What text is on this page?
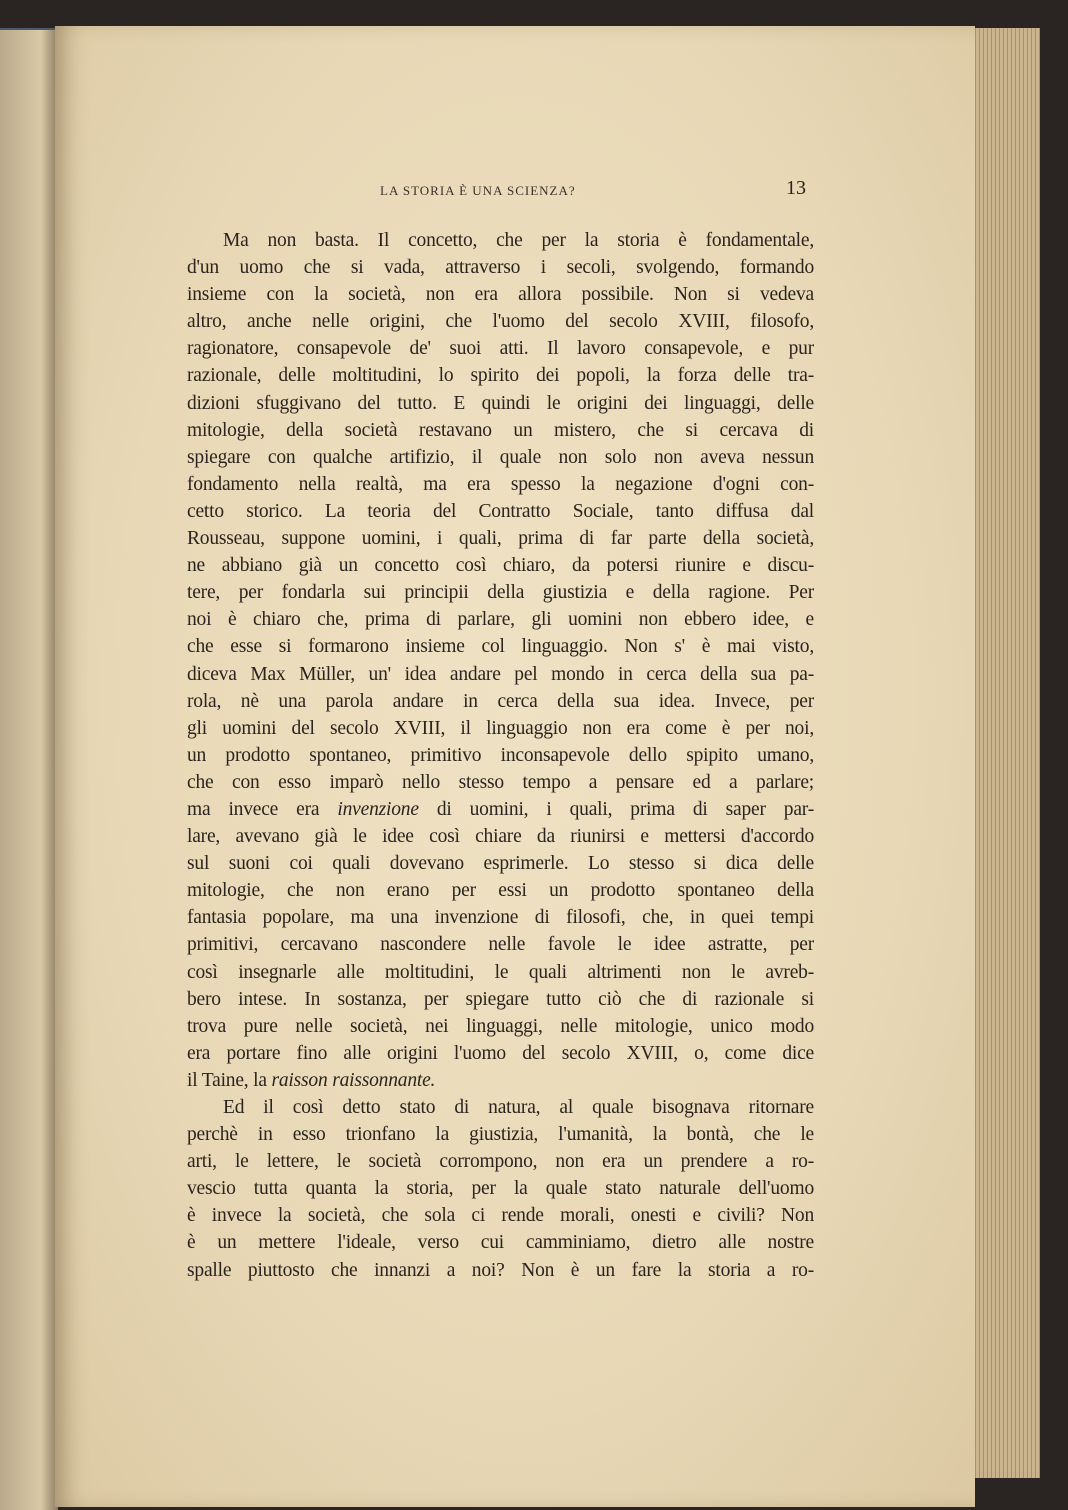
LA STORIA È UNA SCIENZA?	13
Ma non basta. Il concetto, che per la storia è fondamentale,
d'un uomo che si vada, attraverso i secoli, svolgendo, formando
insieme con la società, non era allora possibile. Non si vedeva
altro, anche nelle origini, che l'uomo del secolo XVIII, filosofo,
ragionatore, consapevole de' suoi atti. Il lavoro consapevole, e pur
razionale, delle moltitudini, lo spirito dei popoli, la forza delle tra-
dizioni sfuggivano del tutto. E quindi le origini dei linguaggi, delle
mitologie, della società restavano un mistero, che si cercava di
spiegare con qualche artifizio, il quale non solo non aveva nessun
fondamento nella realtà, ma era spesso la negazione d'ogni con-
cetto storico. La teoria del Contratto Sociale, tanto diffusa dal
Rousseau, suppone uomini, i quali, prima di far parte della società,
ne abbiano già un concetto così chiaro, da potersi riunire e discu-
tere, per fondarla sui principii della giustizia e della ragione. Per
noi è chiaro che, prima di parlare, gli uomini non ebbero idee, e
che esse si formarono insieme col linguaggio. Non s' è mai visto,
diceva Max Müller, un' idea andare pel mondo in cerca della sua pa-
rola, nè una parola andare in cerca della sua idea. Invece, per
gli uomini del secolo XVIII, il linguaggio non era come è per noi,
un prodotto spontaneo, primitivo inconsapevole dello spipito umano,
che con esso imparò nello stesso tempo a pensare ed a parlare;
ma invece era invenzione di uomini, i quali, prima di saper par-
lare, avevano già le idee così chiare da riunirsi e mettersi d'accordo
sul suoni coi quali dovevano esprimerle. Lo stesso si dica delle
mitologie, che non erano per essi un prodotto spontaneo della
fantasia popolare, ma una invenzione di filosofi, che, in quei tempi
primitivi, cercavano nascondere nelle favole le idee astratte, per
così insegnarle alle moltitudini, le quali altrimenti non le avreb-
bero intese. In sostanza, per spiegare tutto ciò che di razionale si
trova pure nelle società, nei linguaggi, nelle mitologie, unico modo
era portare fino alle origini l'uomo del secolo XVIII, o, come dice
il Taine, la raisson raissonnante.
Ed il così detto stato di natura, al quale bisognava ritornare
perchè in esso trionfano la giustizia, l'umanità, la bontà, che le
arti, le lettere, le società corrompono, non era un prendere a ro-
vescio tutta quanta la storia, per la quale stato naturale dell'uomo
è invece la società, che sola ci rende morali, onesti e civili? Non
è un mettere l'ideale, verso cui camminiamo, dietro alle nostre
spalle piuttosto che innanzi a noi? Non è un fare la storia a ro-
